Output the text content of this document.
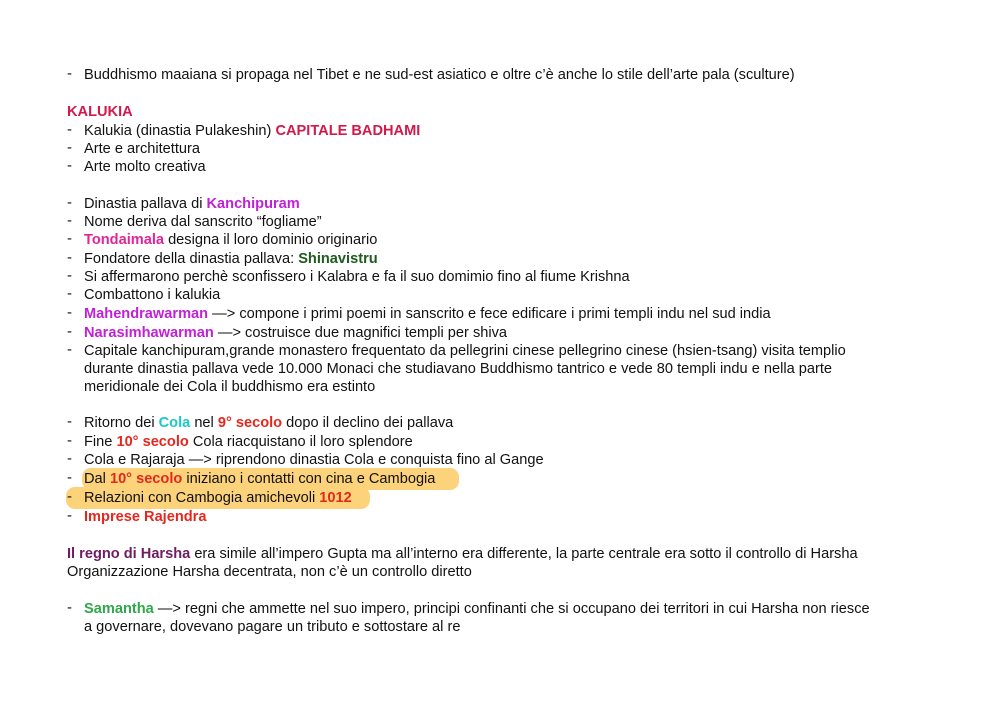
- Buddhismo maaiana si propaga nel Tibet e ne sud-est asiatico e oltre c’è anche lo stile dell’arte pala (sculture)
KALUKIA
- Kalukia (dinastia Pulakeshin) CAPITALE BADHAMI
- Arte e architettura
- Arte molto creativa
- Dinastia pallava di Kanchipuram
- Nome deriva dal sanscrito “fogliame”
- Tondaimala designa il loro dominio originario
- Fondatore della dinastia pallava: Shinavistru
- Si affermarono perchè sconfissero i Kalabra e fa il suo domimio fino al fiume Krishna
- Combattono i kalukia
- Mahendrawarman —> compone i primi poemi in sanscrito e fece edificare i primi templi indu nel sud india
- Narasimhawarman —> costruisce due magnifici templi per shiva
- Capitale kanchipuram,grande monastero frequentato da pellegrini cinese pellegrino cinese (hsien-tsang) visita templio
durante dinastia pallava vede 10.000 Monaci che studiavano Buddhismo tantrico e vede 80 templi indu e nella parte
meridionale dei Cola il buddhismo era estinto
- Ritorno dei Cola nel 9° secolo dopo il declino dei pallava
- Fine 10° secolo Cola riacquistano il loro splendore
- Cola e Rajaraja —> riprendono dinastia Cola e conquista fino al Gange
- Dal 10° secolo iniziano i contatti con cina e Cambogia
- Relazioni con Cambogia amichevoli 1012
- Imprese Rajendra
Il regno di Harsha era simile all’impero Gupta ma all’interno era differente, la parte centrale era sotto il controllo di Harsha
Organizzazione Harsha decentrata, non c’è un controllo diretto
- Samantha —> regni che ammette nel suo impero, principi confinanti che si occupano dei territori in cui Harsha non riesce
a governare, dovevano pagare un tributo e sottostare al re
